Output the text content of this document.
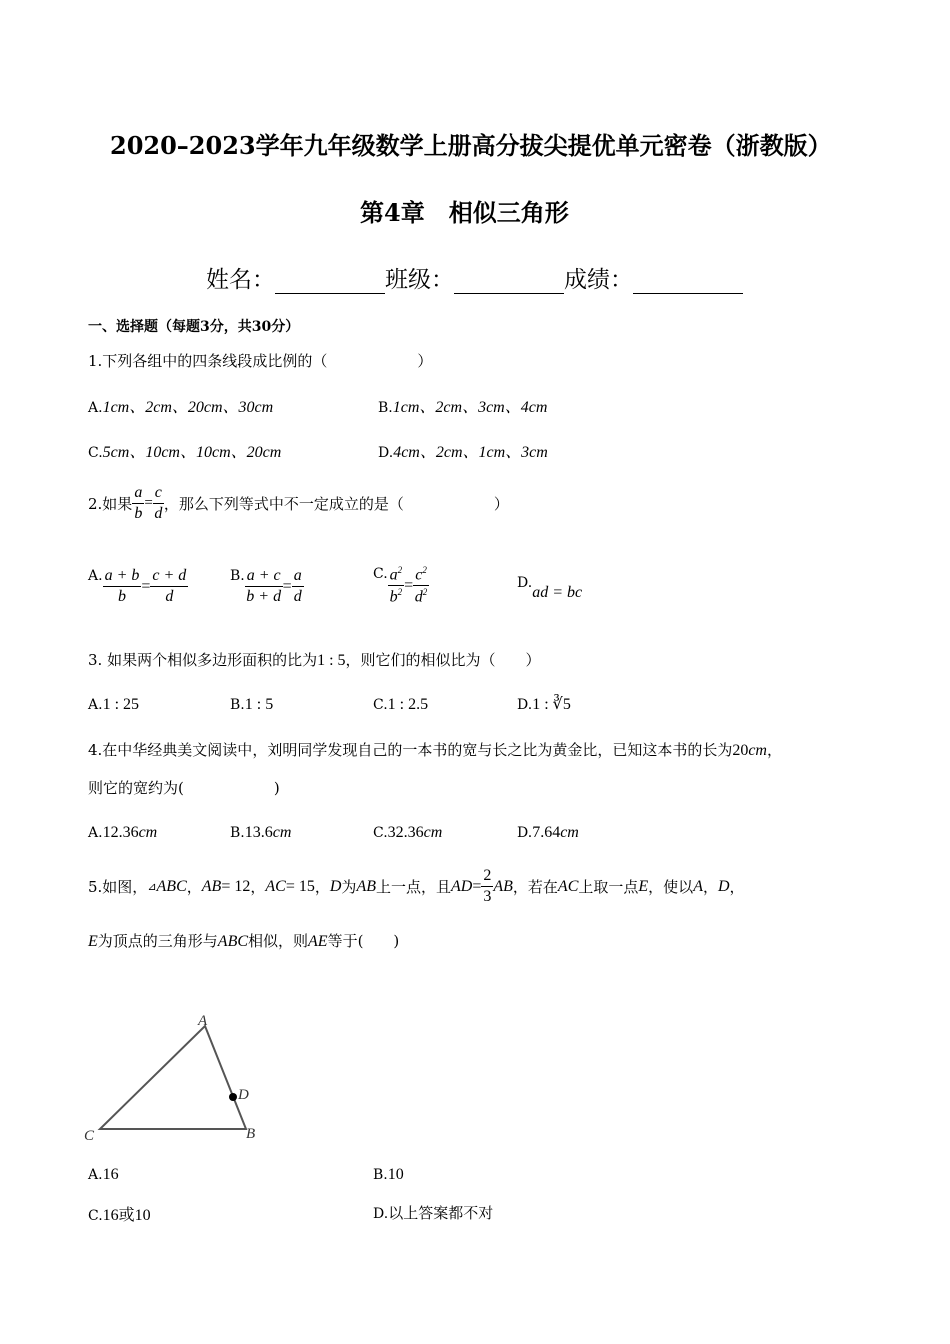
2020–2023学年九年级数学上册高分拔尖提优单元密卷（浙教版）
第4章　相似三角形
姓名：	班级：	成绩：
一、选择题（每题3分，共30分）
1.下列各组中的四条线段成比例的（　　　　　　）
A.1cm、2cm、20cm、30cm	B.1cm、2cm、3cm、4cm
C.5cm、10cm、10cm、20cm	D.4cm、2cm、1cm、3cm
2.如果 $\frac{a}{b} = \frac{c}{d}$ ，那么下列等式中不一定成立的是（　　　　　　）
A. $\frac{a + b}{b} = \frac{c + d}{d}$	B. $\frac{a + c}{b + d} = \frac{a}{d}$	C. $\frac{a^2}{b^2} = \frac{c^2}{d^2}$	D.ad = bc
3. 如果两个相似多边形面积的比为1 : 5，则它们的相似比为（　　）
A.1 : 25	B.1 : 5	C.1 : 2.5	D.1 : ∛5
4.在中华经典美文阅读中，刘明同学发现自己的一本书的宽与长之比为黄金比，已知这本书的长为20cm，
则它的宽约为(　　　　　　)
A.12.36cm	B.13.6cm	C.32.36cm	D.7.64cm
5.如图， ⊿ ABC ， AB = 12 ， AC = 15 ， D 为 AB 上一点，且 AD = $\frac{2}{3}$ AB ，若在 AC 上取一点 E ，使以 A ， D ，
E为顶点的三角形与ABC相似，则AE等于(　　)
A
D
C	B
A.16	B.10
C.16或10	D.以上答案都不对
